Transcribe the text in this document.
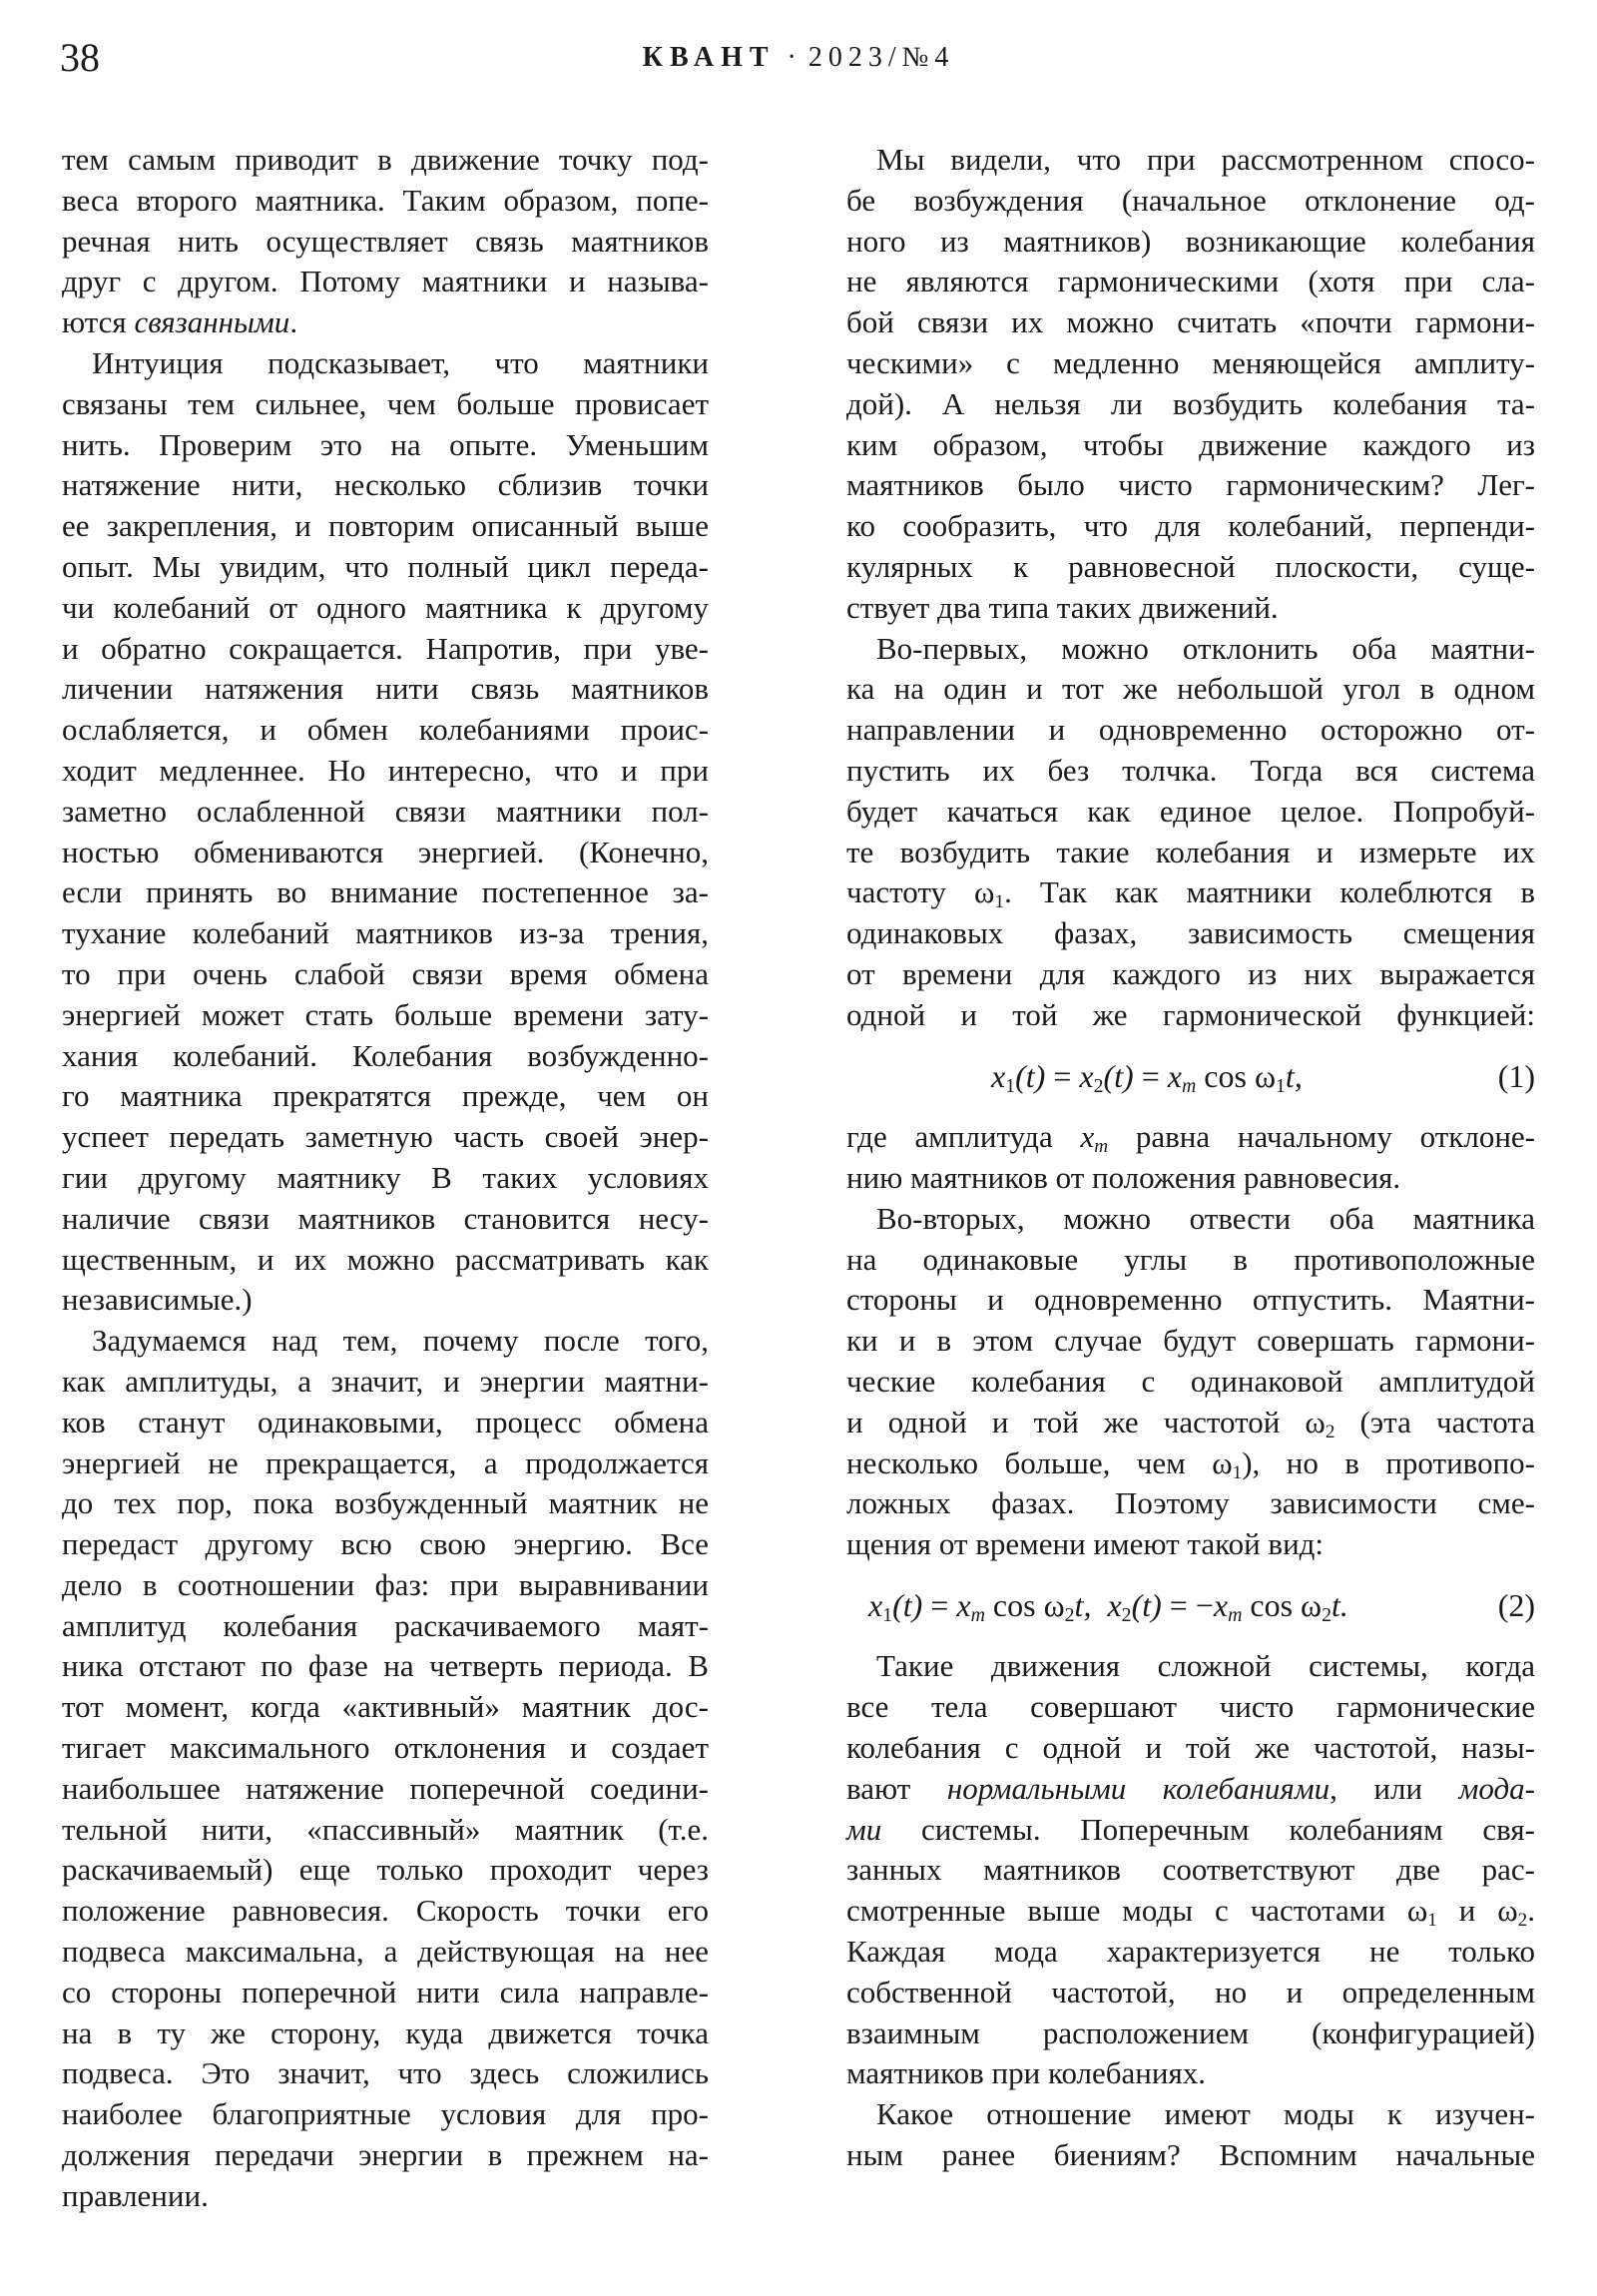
38	КВАНТ · 2023/№4
тем самым приводит в движение точку под-
веса второго маятника. Таким образом, попе-
речная нить осуществляет связь маятников
друг с другом. Потому маятники и называ-
ются связанными.
Интуиция подсказывает, что маятники
связаны тем сильнее, чем больше провисает
нить. Проверим это на опыте. Уменьшим
натяжение нити, несколько сблизив точки
ее закрепления, и повторим описанный выше
опыт. Мы увидим, что полный цикл переда-
чи колебаний от одного маятника к другому
и обратно сокращается. Напротив, при уве-
личении натяжения нити связь маятников
ослабляется, и обмен колебаниями проис-
ходит медленнее. Но интересно, что и при
заметно ослабленной связи маятники пол-
ностью обмениваются энергией. (Конечно,
если принять во внимание постепенное за-
тухание колебаний маятников из-за трения,
то при очень слабой связи время обмена
энергией может стать больше времени зату-
хания колебаний. Колебания возбужденно-
го маятника прекратятся прежде, чем он
успеет передать заметную часть своей энер-
гии другому маятнику В таких условиях
наличие связи маятников становится несу-
щественным, и их можно рассматривать как
независимые.)
Задумаемся над тем, почему после того,
как амплитуды, а значит, и энергии маятни-
ков станут одинаковыми, процесс обмена
энергией не прекращается, а продолжается
до тех пор, пока возбужденный маятник не
передаст другому всю свою энергию. Все
дело в соотношении фаз: при выравнивании
амплитуд колебания раскачиваемого маят-
ника отстают по фазе на четверть периода. В
тот момент, когда «активный» маятник дос-
тигает максимального отклонения и создает
наибольшее натяжение поперечной соедини-
тельной нити, «пассивный» маятник (т.е.
раскачиваемый) еще только проходит через
положение равновесия. Скорость точки его
подвеса максимальна, а действующая на нее
со стороны поперечной нити сила направле-
на в ту же сторону, куда движется точка
подвеса. Это значит, что здесь сложились
наиболее благоприятные условия для про-
должения передачи энергии в прежнем на-
правлении.
Мы видели, что при рассмотренном спосо-
бе возбуждения (начальное отклонение од-
ного из маятников) возникающие колебания
не являются гармоническими (хотя при сла-
бой связи их можно считать «почти гармони-
ческими» с медленно меняющейся амплиту-
дой). А нельзя ли возбудить колебания та-
ким образом, чтобы движение каждого из
маятников было чисто гармоническим? Лег-
ко сообразить, что для колебаний, перпенди-
кулярных к равновесной плоскости, суще-
ствует два типа таких движений.
Во-первых, можно отклонить оба маятни-
ка на один и тот же небольшой угол в одном
направлении и одновременно осторожно от-
пустить их без толчка. Тогда вся система
будет качаться как единое целое. Попробуй-
те возбудить такие колебания и измерьте их
частоту $\omega_1$. Так как маятники колеблются в
одинаковых фазах, зависимость смещения
от времени для каждого из них выражается
одной и той же гармонической функцией:
$x_1(t) = x_2(t) = x_m$ $\cos \omega_1t$,	(1)
где амплитуда $x_m$ равна начальному отклоне-
нию маятников от положения равновесия.
Во-вторых, можно отвести оба маятника
на одинаковые углы в противоположные
стороны и одновременно отпустить. Маятни-
ки и в этом случае будут совершать гармони-
ческие колебания с одинаковой амплитудой
и одной и той же частотой $\omega_2$ (эта частота
несколько больше, чем $\omega_1$), но в противопо-
ложных фазах. Поэтому зависимости сме-
щения от времени имеют такой вид:
$x_1(t) = x_m$ $\cos \omega_2t$, $x_2(t) = -x_m$ $\cos \omega_2t$.	(2)
Такие движения сложной системы, когда
все тела совершают чисто гармонические
колебания с одной и той же частотой, назы-
вают нормальными колебаниями, или мода-
ми системы. Поперечным колебаниям свя-
занных маятников соответствуют две рас-
смотренные выше моды с частотами $\omega_1$ и $\omega_2$.
Каждая мода характеризуется не только
собственной частотой, но и определенным
взаимным расположением (конфигурацией)
маятников при колебаниях.
Какое отношение имеют моды к изучен-
ным ранее биениям? Вспомним начальные
